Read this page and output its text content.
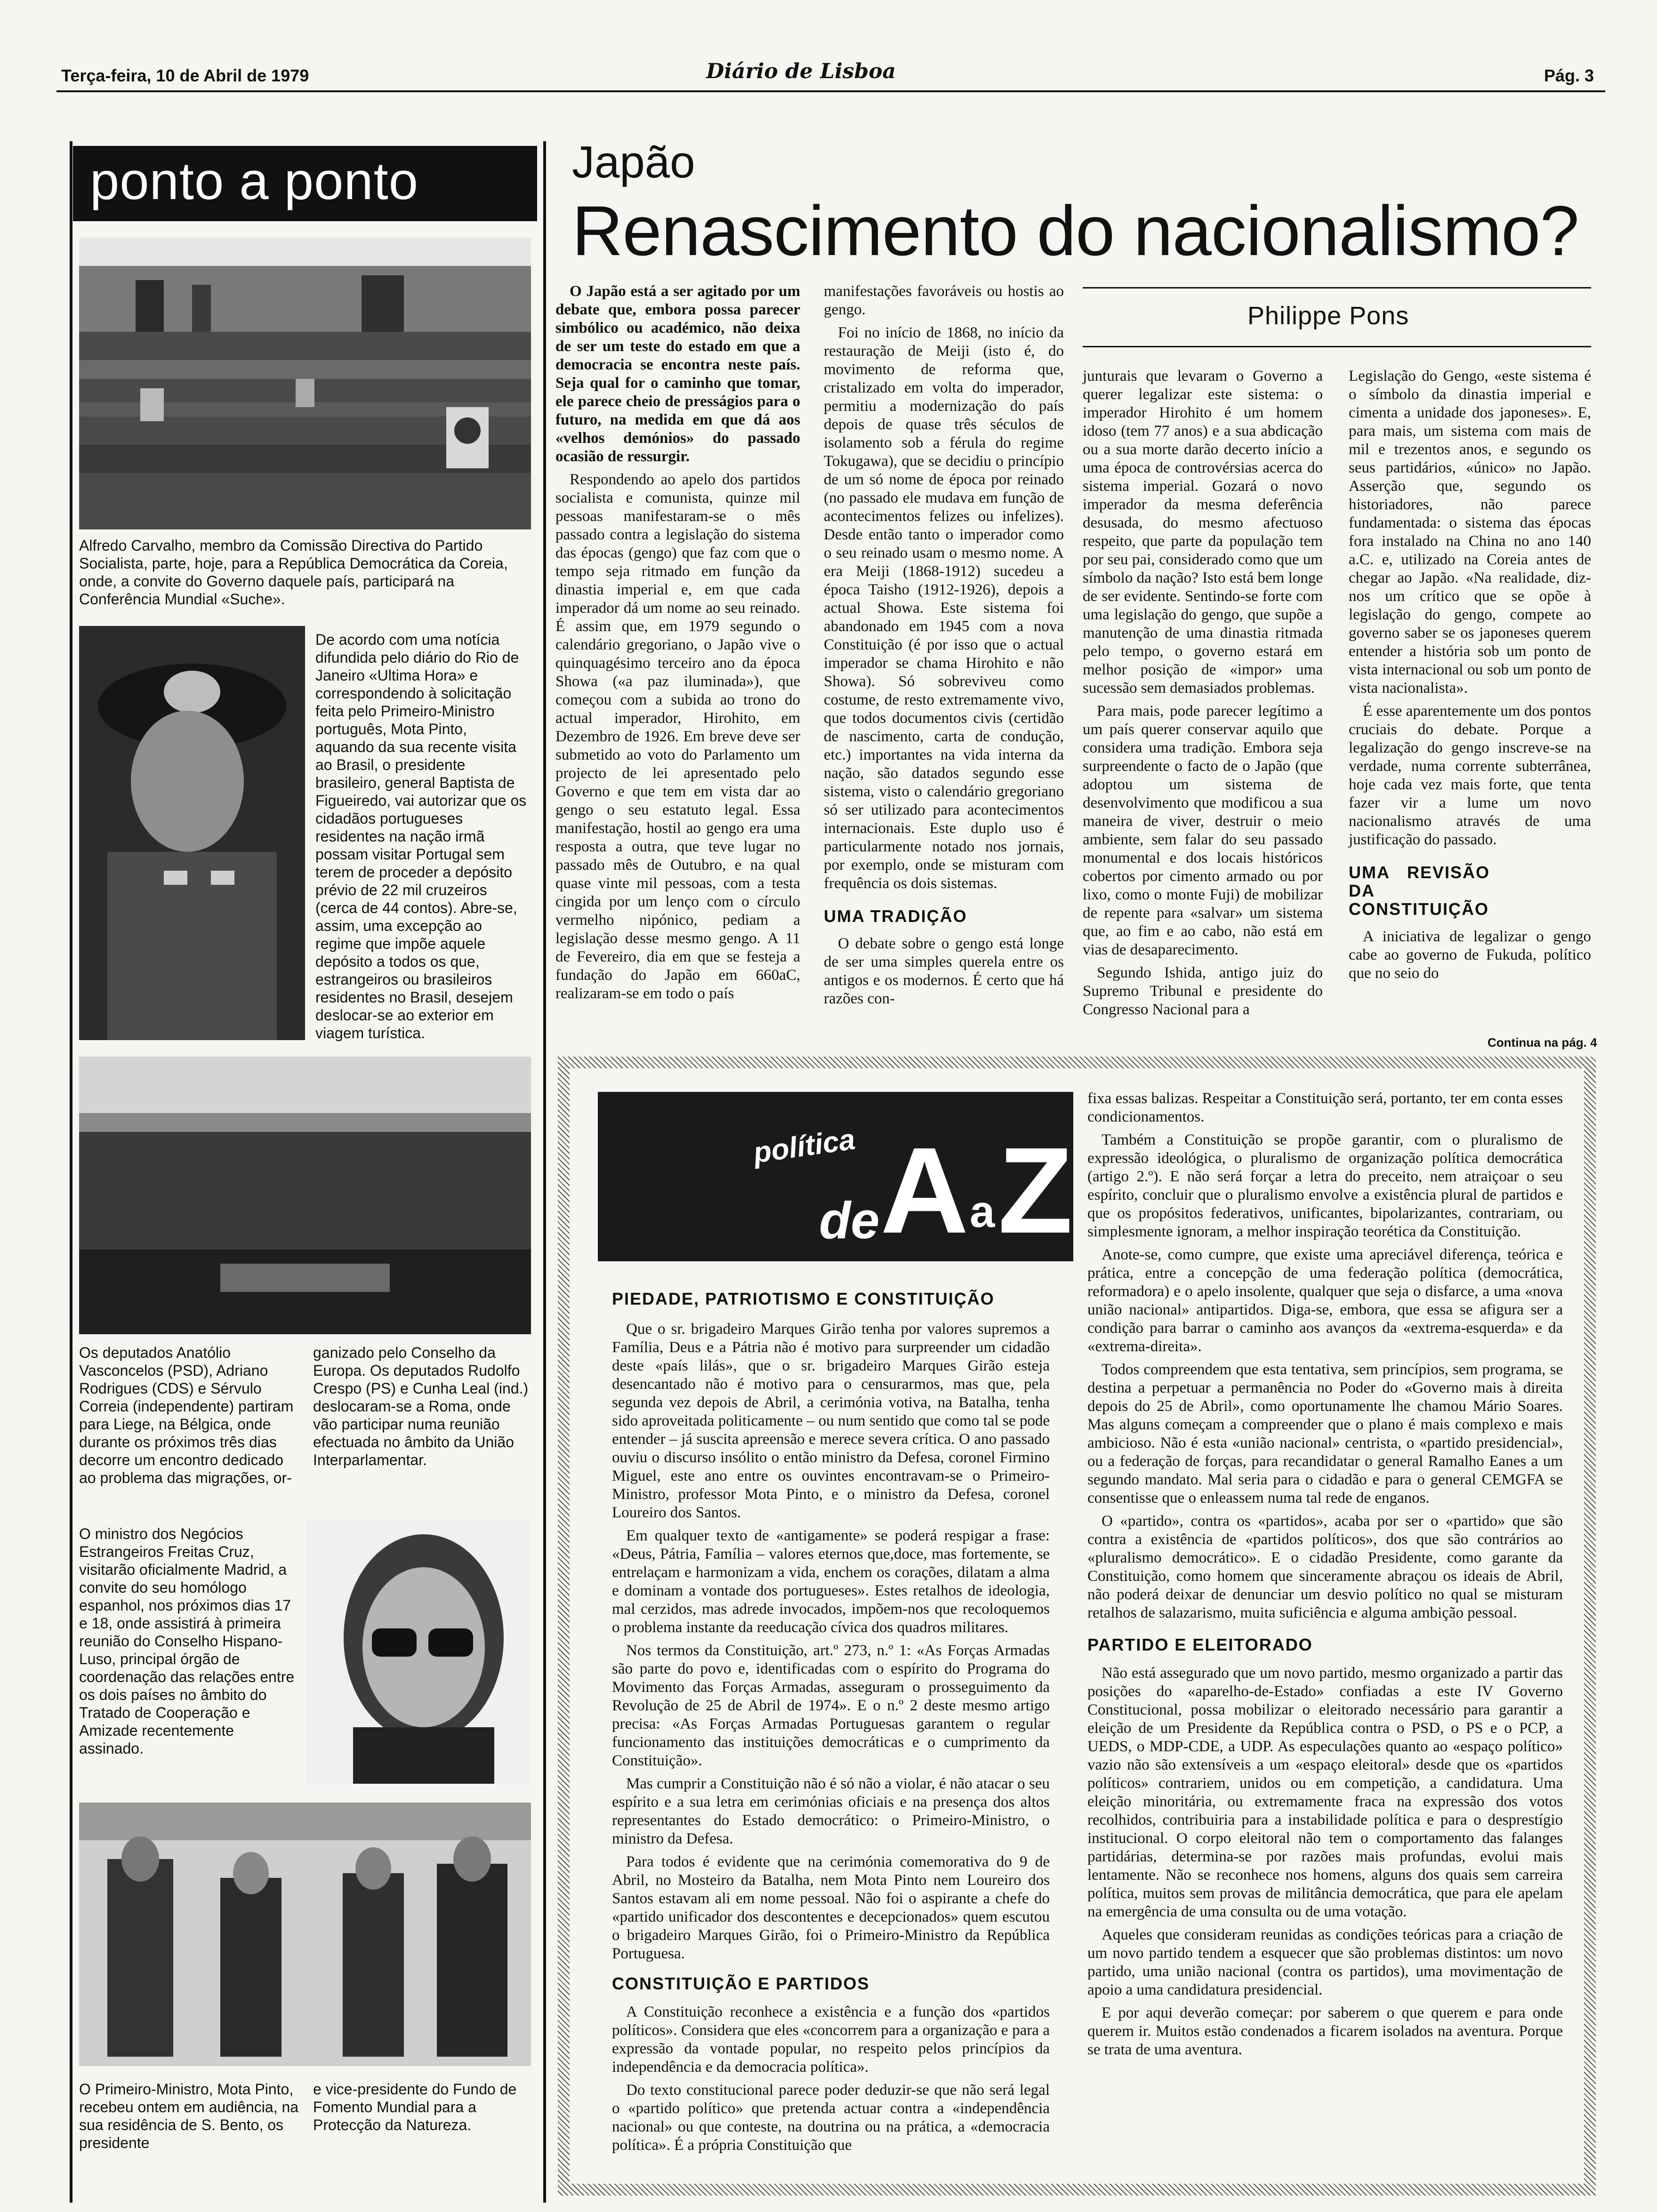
Terça-feira, 10 de Abril de 1979	Diário de Lisboa	Pág. 3
ponto a ponto
Alfredo Carvalho, membro da Comissão Directiva do Partido Socialista, parte, hoje, para a República Democrática da Coreia, onde, a convite do Governo daquele país, participará na Conferência Mundial «Suche».
De acordo com uma notícia difundida pelo diário do Rio de Janeiro «Ultima Hora» e correspondendo à solicitação feita pelo Primeiro-Ministro português, Mota Pinto, aquando da sua recente visita ao Brasil, o presidente brasileiro, general Baptista de Figueiredo, vai autorizar que os cidadãos portugueses residentes na nação irmã possam visitar Portugal sem terem de proceder a depósito prévio de 22 mil cruzeiros (cerca de 44 contos). Abre-se, assim, uma excepção ao regime que impõe aquele depósito a todos os que, estrangeiros ou brasileiros residentes no Brasil, desejem deslocar-se ao exterior em viagem turística.
Os deputados Anatólio Vasconcelos (PSD), Adriano Rodrigues (CDS) e Sérvulo Correia (independente) partiram para Liege, na Bélgica, onde durante os próximos três dias decorre um encontro dedicado ao problema das migrações, or-
ganizado pelo Conselho da Europa. Os deputados Rudolfo Crespo (PS) e Cunha Leal (ind.) deslocaram-se a Roma, onde vão participar numa reunião efectuada no âmbito da União Interparlamentar.
O ministro dos Negócios Estrangeiros Freitas Cruz, visitarão oficialmente Madrid, a convite do seu homólogo espanhol, nos próximos dias 17 e 18, onde assistirá à primeira reunião do Conselho Hispano-Luso, principal órgão de coordenação das relações entre os dois países no âmbito do Tratado de Cooperação e Amizade recentemente assinado.
O Primeiro-Ministro, Mota Pinto, recebeu ontem em audiência, na sua residência de S. Bento, os presidente
e vice-presidente do Fundo de Fomento Mundial para a Protecção da Natureza.
Japão
Renascimento do nacionalismo?
Philippe Pons

O Japão está a ser agitado por um debate que, embora possa parecer simbólico ou académico, não deixa de ser um teste do estado em que a democracia se encontra neste país. Seja qual for o caminho que tomar, ele parece cheio de presságios para o futuro, na medida em que dá aos «velhos demónios» do passado ocasião de ressurgir.

Respondendo ao apelo dos partidos socialista e comunista, quinze mil pessoas manifestaram-se o mês passado contra a legislação do sistema das épocas (gengo) que faz com que o tempo seja ritmado em função da dinastia imperial e, em que cada imperador dá um nome ao seu reinado. É assim que, em 1979 segundo o calendário gregoriano, o Japão vive o quinquagésimo terceiro ano da época Showa («a paz iluminada»), que começou com a subida ao trono do actual imperador, Hirohito, em Dezembro de 1926. Em breve deve ser submetido ao voto do Parlamento um projecto de lei apresentado pelo Governo e que tem em vista dar ao gengo o seu estatuto legal. Essa manifestação, hostil ao gengo era uma resposta a outra, que teve lugar no passado mês de Outubro, e na qual quase vinte mil pessoas, com a testa cingida por um lenço com o círculo vermelho nipónico, pediam a legislação desse mesmo gengo. A 11 de Fevereiro, dia em que se festeja a fundação do Japão em 660aC, realizaram-se em todo o país

manifestações favoráveis ou hostis ao gengo.

Foi no início de 1868, no início da restauração de Meiji (isto é, do movimento de reforma que, cristalizado em volta do imperador, permitiu a modernização do país depois de quase três séculos de isolamento sob a férula do regime Tokugawa), que se decidiu o princípio de um só nome de época por reinado (no passado ele mudava em função de acontecimentos felizes ou infelizes). Desde então tanto o imperador como o seu reinado usam o mesmo nome. A era Meiji (1868-1912) sucedeu a época Taisho (1912-1926), depois a actual Showa. Este sistema foi abandonado em 1945 com a nova Constituição (é por isso que o actual imperador se chama Hirohito e não Showa). Só sobreviveu como costume, de resto extremamente vivo, que todos documentos civis (certidão de nascimento, carta de condução, etc.) importantes na vida interna da nação, são datados segundo esse sistema, visto o calendário gregoriano só ser utilizado para acontecimentos internacionais. Este duplo uso é particularmente notado nos jornais, por exemplo, onde se misturam com frequência os dois sistemas.

UMA TRADIÇÃO

O debate sobre o gengo está longe de ser uma simples querela entre os antigos e os modernos. É certo que há razões con-

junturais que levaram o Governo a querer legalizar este sistema: o imperador Hirohito é um homem idoso (tem 77 anos) e a sua abdicação ou a sua morte darão decerto início a uma época de controvérsias acerca do sistema imperial. Gozará o novo imperador da mesma deferência desusada, do mesmo afectuoso respeito, que parte da população tem por seu pai, considerado como que um símbolo da nação? Isto está bem longe de ser evidente. Sentindo-se forte com uma legislação do gengo, que supõe a manutenção de uma dinastia ritmada pelo tempo, o governo estará em melhor posição de «impor» uma sucessão sem demasiados problemas.

Para mais, pode parecer legítimo a um país querer conservar aquilo que considera uma tradição. Embora seja surpreendente o facto de o Japão (que adoptou um sistema de desenvolvimento que modificou a sua maneira de viver, destruir o meio ambiente, sem falar do seu passado monumental e dos locais históricos cobertos por cimento armado ou por lixo, como o monte Fuji) de mobilizar de repente para «salvar» um sistema que, ao fim e ao cabo, não está em vias de desaparecimento.

Segundo Ishida, antigo juiz do Supremo Tribunal e presidente do Congresso Nacional para a

Legislação do Gengo, «este sistema é o símbolo da dinastia imperial e cimenta a unidade dos japoneses». E, para mais, um sistema com mais de mil e trezentos anos, e segundo os seus partidários, «único» no Japão. Asserção que, segundo os historiadores, não parece fundamentada: o sistema das épocas fora instalado na China no ano 140 a.C. e, utilizado na Coreia antes de chegar ao Japão. «Na realidade, diz-nos um crítico que se opõe à legislação do gengo, compete ao governo saber se os japoneses querem entender a história sob um ponto de vista internacional ou sob um ponto de vista nacionalista».

É esse aparentemente um dos pontos cruciais do debate. Porque a legalização do gengo inscreve-se na verdade, numa corrente subterrânea, hoje cada vez mais forte, que tenta fazer vir a lume um novo nacionalismo através de uma justificação do passado.

UMA REVISÃO DA CONSTITUIÇÃO

A iniciativa de legalizar o gengo cabe ao governo de Fukuda, político que no seio do

Continua na pág. 4
política
de A a Z
PIEDADE, PATRIOTISMO E CONSTITUIÇÃO

Que o sr. brigadeiro Marques Girão tenha por valores supremos a Família, Deus e a Pátria não é motivo para surpreender um cidadão deste «país lilás», que o sr. brigadeiro Marques Girão esteja desencantado não é motivo para o censurarmos, mas que, pela segunda vez depois de Abril, a cerimónia votiva, na Batalha, tenha sido aproveitada politicamente – ou num sentido que como tal se pode entender – já suscita apreensão e merece severa crítica. O ano passado ouviu o discurso insólito o então ministro da Defesa, coronel Firmino Miguel, este ano entre os ouvintes encontravam-se o Primeiro-Ministro, professor Mota Pinto, e o ministro da Defesa, coronel Loureiro dos Santos.

Em qualquer texto de «antigamente» se poderá respigar a frase: «Deus, Pátria, Família – valores eternos que,doce, mas fortemente, se entrelaçam e harmonizam a vida, enchem os corações, dilatam a alma e dominam a vontade dos portugueses». Estes retalhos de ideologia, mal cerzidos, mas adrede invocados, impõem-nos que recoloquemos o problema instante da reeducação cívica dos quadros militares.

Nos termos da Constituição, art.º 273, n.º 1: «As Forças Armadas são parte do povo e, identificadas com o espírito do Programa do Movimento das Forças Armadas, asseguram o prosseguimento da Revolução de 25 de Abril de 1974». E o n.º 2 deste mesmo artigo precisa: «As Forças Armadas Portuguesas garantem o regular funcionamento das instituições democráticas e o cumprimento da Constituição».

Mas cumprir a Constituição não é só não a violar, é não atacar o seu espírito e a sua letra em cerimónias oficiais e na presença dos altos representantes do Estado democrático: o Primeiro-Ministro, o ministro da Defesa.

Para todos é evidente que na cerimónia comemorativa do 9 de Abril, no Mosteiro da Batalha, nem Mota Pinto nem Loureiro dos Santos estavam ali em nome pessoal. Não foi o aspirante a chefe do «partido unificador dos descontentes e decepcionados» quem escutou o brigadeiro Marques Girão, foi o Primeiro-Ministro da República Portuguesa.

CONSTITUIÇÃO E PARTIDOS

A Constituição reconhece a existência e a função dos «partidos políticos». Considera que eles «concorrem para a organização e para a expressão da vontade popular, no respeito pelos princípios da independência e da democracia política».

Do texto constitucional parece poder deduzir-se que não será legal o «partido político» que pretenda actuar contra a «independência nacional» ou que conteste, na doutrina ou na prática, a «democracia política». É a própria Constituição que

fixa essas balizas. Respeitar a Constituição será, portanto, ter em conta esses condicionamentos.

Também a Constituição se propõe garantir, com o pluralismo de expressão ideológica, o pluralismo de organização política democrática (artigo 2.º). E não será forçar a letra do preceito, nem atraiçoar o seu espírito, concluir que o pluralismo envolve a existência plural de partidos e que os propósitos federativos, unificantes, bipolarizantes, contrariam, ou simplesmente ignoram, a melhor inspiração teorética da Constituição.

Anote-se, como cumpre, que existe uma apreciável diferença, teórica e prática, entre a concepção de uma federação política (democrática, reformadora) e o apelo insolente, qualquer que seja o disfarce, a uma «nova união nacional» antipartidos. Diga-se, embora, que essa se afigura ser a condição para barrar o caminho aos avanços da «extrema-esquerda» e da «extrema-direita».

Todos compreendem que esta tentativa, sem princípios, sem programa, se destina a perpetuar a permanência no Poder do «Governo mais à direita depois do 25 de Abril», como oportunamente lhe chamou Mário Soares. Mas alguns começam a compreender que o plano é mais complexo e mais ambicioso. Não é esta «união nacional» centrista, o «partido presidencial», ou a federação de forças, para recandidatar o general Ramalho Eanes a um segundo mandato. Mal seria para o cidadão e para o general CEMGFA se consentisse que o enleassem numa tal rede de enganos.

O «partido», contra os «partidos», acaba por ser o «partido» que são contra a existência de «partidos políticos», dos que são contrários ao «pluralismo democrático». E o cidadão Presidente, como garante da Constituição, como homem que sinceramente abraçou os ideais de Abril, não poderá deixar de denunciar um desvio político no qual se misturam retalhos de salazarismo, muita suficiência e alguma ambição pessoal.

PARTIDO E ELEITORADO

Não está assegurado que um novo partido, mesmo organizado a partir das posições do «aparelho-de-Estado» confiadas a este IV Governo Constitucional, possa mobilizar o eleitorado necessário para garantir a eleição de um Presidente da República contra o PSD, o PS e o PCP, a UEDS, o MDP-CDE, a UDP. As especulações quanto ao «espaço político» vazio não são extensíveis a um «espaço eleitoral» desde que os «partidos políticos» contrariem, unidos ou em competição, a candidatura. Uma eleição minoritária, ou extremamente fraca na expressão dos votos recolhidos, contribuiria para a instabilidade política e para o desprestígio institucional. O corpo eleitoral não tem o comportamento das falanges partidárias, determina-se por razões mais profundas, evolui mais lentamente. Não se reconhece nos homens, alguns dos quais sem carreira política, muitos sem provas de militância democrática, que para ele apelam na emergência de uma consulta ou de uma votação.

Aqueles que consideram reunidas as condições teóricas para a criação de um novo partido tendem a esquecer que são problemas distintos: um novo partido, uma união nacional (contra os partidos), uma movimentação de apoio a uma candidatura presidencial.

E por aqui deverão começar: por saberem o que querem e para onde querem ir. Muitos estão condenados a ficarem isolados na aventura. Porque se trata de uma aventura.
